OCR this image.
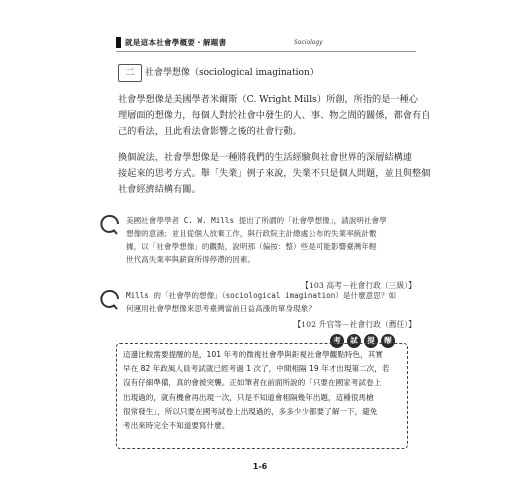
就是這本社會學概要・解題書	Sociology
二	社會學想像（sociological imagination）
社會學想像是美國學者米爾斯（C. Wright Mills）所創，所指的是一種心
理層面的想像力，每個人對於社會中發生的人、事、物之間的關係，都會有自
己的看法，且此看法會影響之後的社會行動。
換個說法，社會學想像是一種將我們的生活經驗與社會世界的深層結構連
接起來的思考方式。舉「失業」例子來說，失業不只是個人問題，並且與整個
社會經濟結構有關。
美國社會學學者 C. W. Mills 提出了所謂的「社會學想像」，請說明社會學
想像的意涵；並且從個人放棄工作，與行政院主計總處公布的失業率統計數
據，以「社會學想像」的觀點，說明那（偏按：整）些是可能影響臺灣年輕
世代高失業率與薪資所得停滯的因素。
【103 高考－社會行政（三級）】
Mills 的「社會學的想像」（sociological imagination）是什麼意思？如
何運用社會學想像來思考臺灣當前日益高漲的單身現象？
【102 升官等－社會行政（薦任）】
考 試 提 醒
這邊比較需要提醒的是，101 年考的微視社會學與鉅視社會學觀點特色，其實
早在 82 年政風人員考試就已經考過 1 次了，中間相隔 19 年才出現第二次，若
沒有仔細準備，真的會被突襲。正如筆者在前面所說的「只要在國家考試卷上
出現過的，就有機會再出現一次，只是不知道會相隔幾年出題，這種很馬槍
很常發生」，所以只要在國考試卷上出現過的，多多少少都要了解一下，避免
考出來時完全不知道要寫什麼。
1-6
